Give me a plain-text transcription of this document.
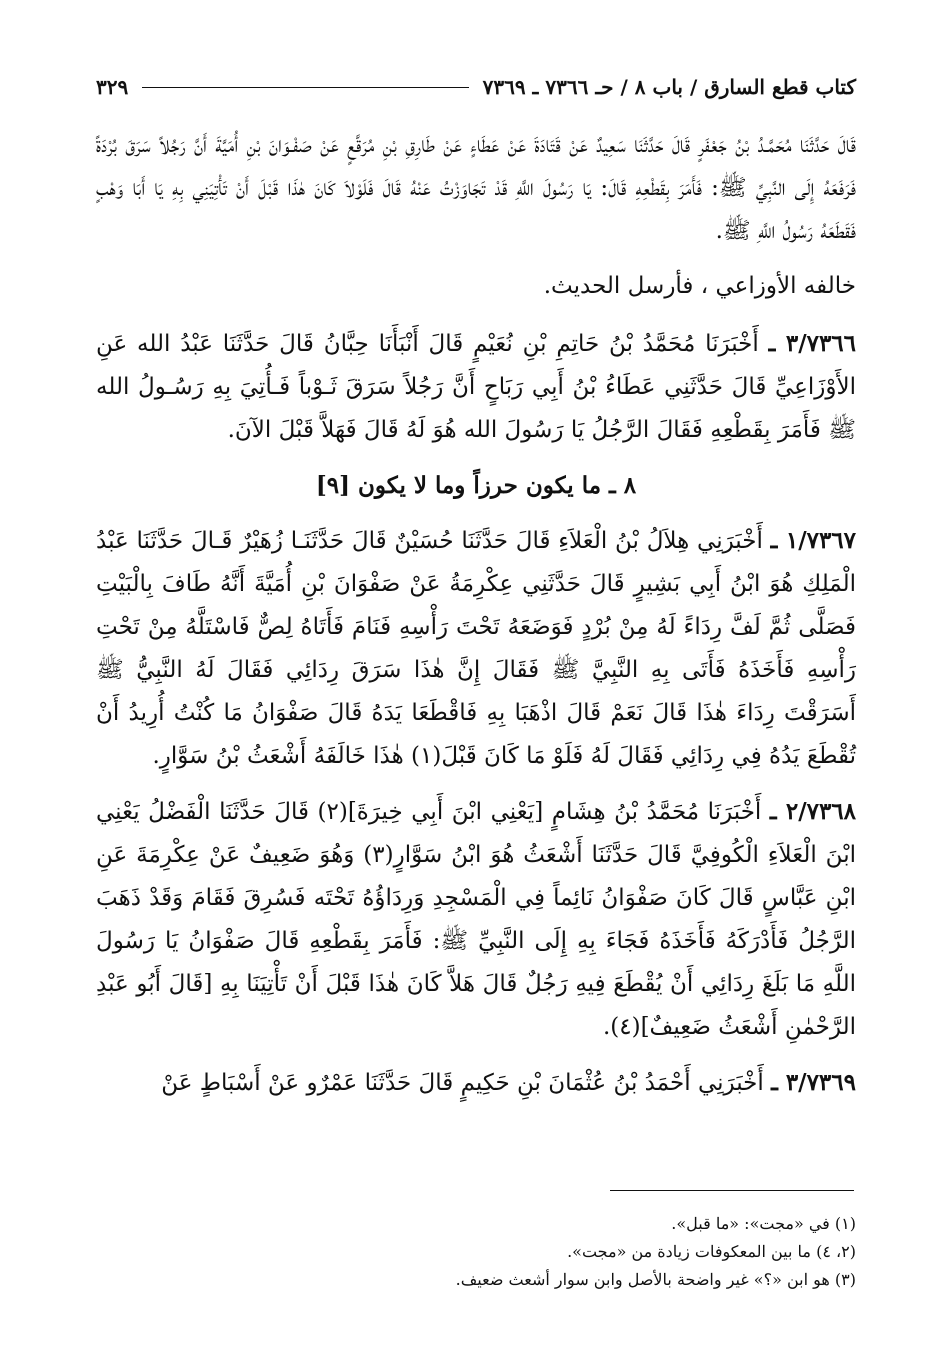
كتاب قطع السارق / باب ٨ / حـ ٧٣٦٦ ـ ٧٣٦٩
٣٢٩

قَالَ حَدَّثَنَا مُحَمَّـدُ بْنُ جَعْفَرٍ قَالَ حَدَّثَنَا سَعِيدٌ عَنْ قَتَادَةَ عَنْ عَطَاءٍ عَنْ طَارِقِ بْنِ مُرَقَّعٍ عَنْ صَفْـوَانَ بْنِ أُمَيَّةَ أَنَّ رَجُلاً سَرَقَ بُرْدَةً فَرَفَعَهُ إِلَى النَّبِيِّ ﷺ: فَأَمَرَ بِقَطْعِهِ قَالَ: يَا رَسُولَ اللَّهِ قَدْ تَجَاوَزْتُ عَنْهُ قَالَ فَلَوْلاَ كَانَ هٰذَا قَبْلَ أَنْ تَأْتِيَنِي بِهِ يَا أَبَا وَهْبٍ فَقَطَعَهُ رَسُولُ اللَّهِ ﷺ.

خالفه الأوزاعي ، فأرسل الحديث.

٣/٧٣٦٦ ـ أَخْبَرَنَا مُحَمَّدُ بْنُ حَاتِمِ بْنِ نُعَيْمٍ قَالَ أَنْبَأَنَا حِبَّانُ قَالَ حَدَّثَنَا عَبْدُ الله عَنِ الأَوْزَاعِيِّ قَالَ حَدَّثَنِي عَطَاءُ بْنُ أَبِي رَبَاحٍ أَنَّ رَجُلاً سَرَقَ ثَـوْباً فَـأُتِيَ بِهِ رَسُـولُ الله ﷺ فَأَمَرَ بِقَطْعِهِ فَقَالَ الرَّجُلُ يَا رَسُولَ الله هُوَ لَهُ قَالَ فَهَلاَّ قَبْلَ الآنَ.

٨ ـ ما يكون حرزاً وما لا يكون [٩]

١/٧٣٦٧ ـ أَخْبَرَنِي هِلاَلُ بْنُ الْعَلاَءِ قَالَ حَدَّثَنَا حُسَيْنٌ قَالَ حَدَّثَنَـا زُهَيْرٌ قَـالَ حَدَّثَنَا عَبْدُ الْمَلِكِ هُوَ ابْنُ أَبِي بَشِيرٍ قَالَ حَدَّثَنِي عِكْرِمَةُ عَنْ صَفْوَانَ بْنِ أُمَيَّةَ أَنَّهُ طَافَ بِالْبَيْتِ فَصَلَّى ثُمَّ لَفَّ رِدَاءً لَهُ مِنْ بُرْدٍ فَوَضَعَهُ تَحْتَ رَأْسِهِ فَنَامَ فَأَتَاهُ لِصٌّ فَاسْتَلَّهُ مِنْ تَحْتِ رَأْسِهِ فَأَخَذَهُ فَأَتَى بِهِ النَّبِيَّ ﷺ فَقَالَ إِنَّ هٰذَا سَرَقَ رِدَائِي فَقَالَ لَهُ النَّبِيُّ ﷺ أَسَرَقْتَ رِدَاءَ هٰذَا قَالَ نَعَمْ قَالَ اذْهَبَا بِهِ فَاقْطَعَا يَدَهُ قَالَ صَفْوَانُ مَا كُنْتُ أُرِيدُ أَنْ تُقْطَعَ يَدُهُ فِي رِدَائِي فَقَالَ لَهُ فَلَوْ مَا كَانَ قَبْلَ(١) هٰذَا خَالَفَهُ أَشْعَثُ بْنُ سَوَّارٍ.

٢/٧٣٦٨ ـ أَخْبَرَنَا مُحَمَّدُ بْنُ هِشَامٍ [يَعْنِي ابْنَ أَبِي خِيرَةَ](٢) قَالَ حَدَّثَنَا الْفَضْلُ يَعْنِي ابْنَ الْعَلاَءِ الْكُوفِيَّ قَالَ حَدَّثَنَا أَشْعَثُ هُوَ ابْنُ سَوَّارٍ(٣) وَهُوَ ضَعِيفٌ عَنْ عِكْرِمَةَ عَنِ ابْنِ عَبَّاسٍ قَالَ كَانَ صَفْوَانُ نَائِماً فِي الْمَسْجِدِ وَرِدَاؤُهُ تَحْتَه فَسُرِقَ فَقَامَ وَقَدْ ذَهَبَ الرَّجُلُ فَأَدْرَكَهُ فَأَخَذَهُ فَجَاءَ بِهِ إِلَى النَّبِيِّ ﷺ: فَأَمَرَ بِقَطْعِهِ قَالَ صَفْوَانُ يَا رَسُولَ اللَّهِ مَا بَلَغَ رِدَائِي أَنْ يُقْطَعَ فِيهِ رَجُلٌ قَالَ هَلاَّ كَانَ هٰذَا قَبْلَ أَنْ تَأْتِيَنَا بِهِ [قَالَ أَبُو عَبْدِ الرَّحْمٰنِ أَشْعَثُ ضَعِيفٌ](٤).

٣/٧٣٦٩ ـ أَخْبَرَنِي أَحْمَدُ بْنُ عُثْمَانَ بْنِ حَكِيمٍ قَالَ حَدَّثَنَا عَمْرٌو عَنْ أَسْبَاطٍ عَنْ

(١) في «مجت»: «ما قبل».
(٢، ٤) ما بين المعكوفات زيادة من «مجت».
(٣) هو ابن «؟» غير واضحة بالأصل وابن سوار أشعث ضعيف.
